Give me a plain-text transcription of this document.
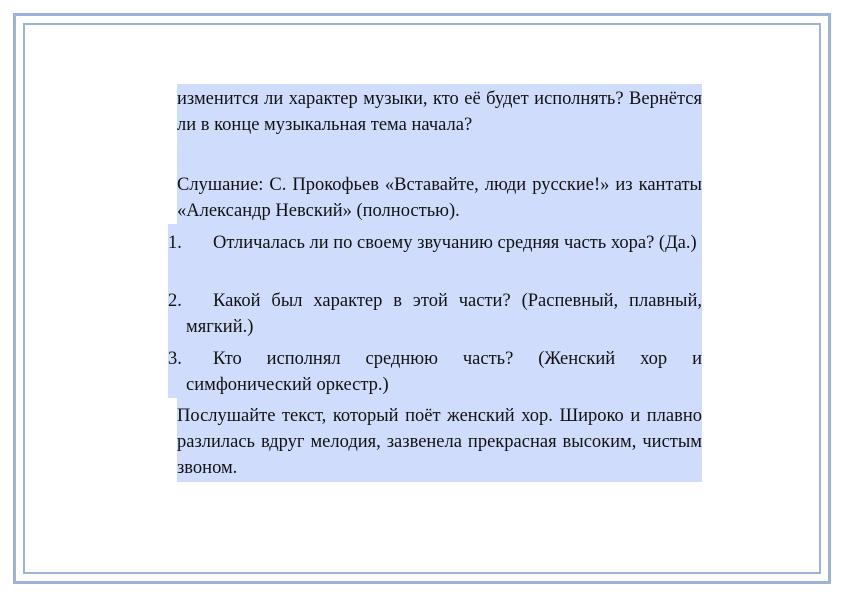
изменится ли характер музыки, кто её будет исполнять? Вернётся ли в конце музыкальная тема начала?

Слушание: С. Прокофьев «Вставайте, люди русские!» из кантаты «Александр Невский» (полностью).

1.	Отличалась ли по своему звучанию средняя часть хора? (Да.)
2.	Какой был характер в этой части? (Распевный, плавный, мягкий.)
3.	Кто исполнял среднюю часть? (Женский хор и симфонический оркестр.)

Послушайте текст, который поёт женский хор. Широко и плавно разлилась вдруг мелодия, зазвенела прекрасная высоким, чистым звоном.
